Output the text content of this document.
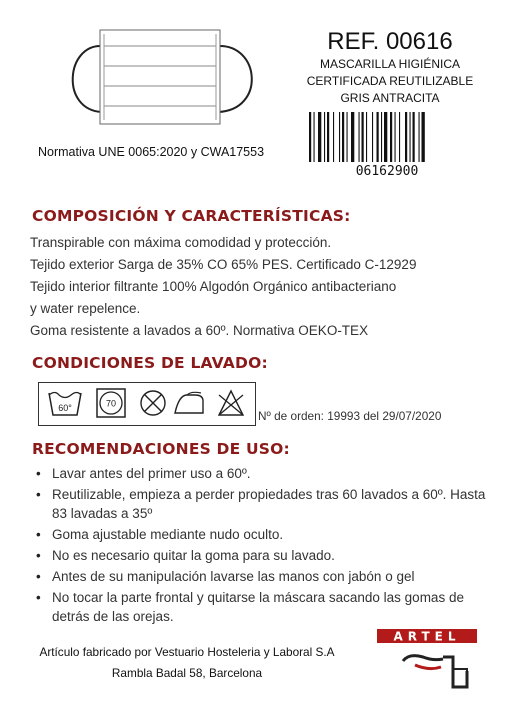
REF. 00616
MASCARILLA HIGIÉNICA
CERTIFICADA REUTILIZABLE
GRIS ANTRACITA
06162900
Normativa UNE 0065:2020 y CWA17553
COMPOSICIÓN Y CARACTERÍSTICAS:
Transpirable con máxima comodidad y protección.
Tejido exterior Sarga de 35% CO 65% PES. Certificado C-12929
Tejido interior filtrante 100% Algodón Orgánico antibacteriano
y water repelence.
Goma resistente a lavados a 60º. Normativa OEKO-TEX
CONDICIONES DE LAVADO:
60°	70
Nº de orden: 19993 del 29/07/2020
RECOMENDACIONES DE USO:
• Lavar antes del primer uso a 60º.
• Reutilizable, empieza a perder propiedades tras 60 lavados a 60º. Hasta 83 lavadas a 35º
• Goma ajustable mediante nudo oculto.
• No es necesario quitar la goma para su lavado.
• Antes de su manipulación lavarse las manos con jabón o gel
• No tocar la parte frontal y quitarse la máscara sacando las gomas de detrás de las orejas.
Artículo fabricado por Vestuario Hosteleria y Laboral S.A
Rambla Badal 58, Barcelona
ARTEL
